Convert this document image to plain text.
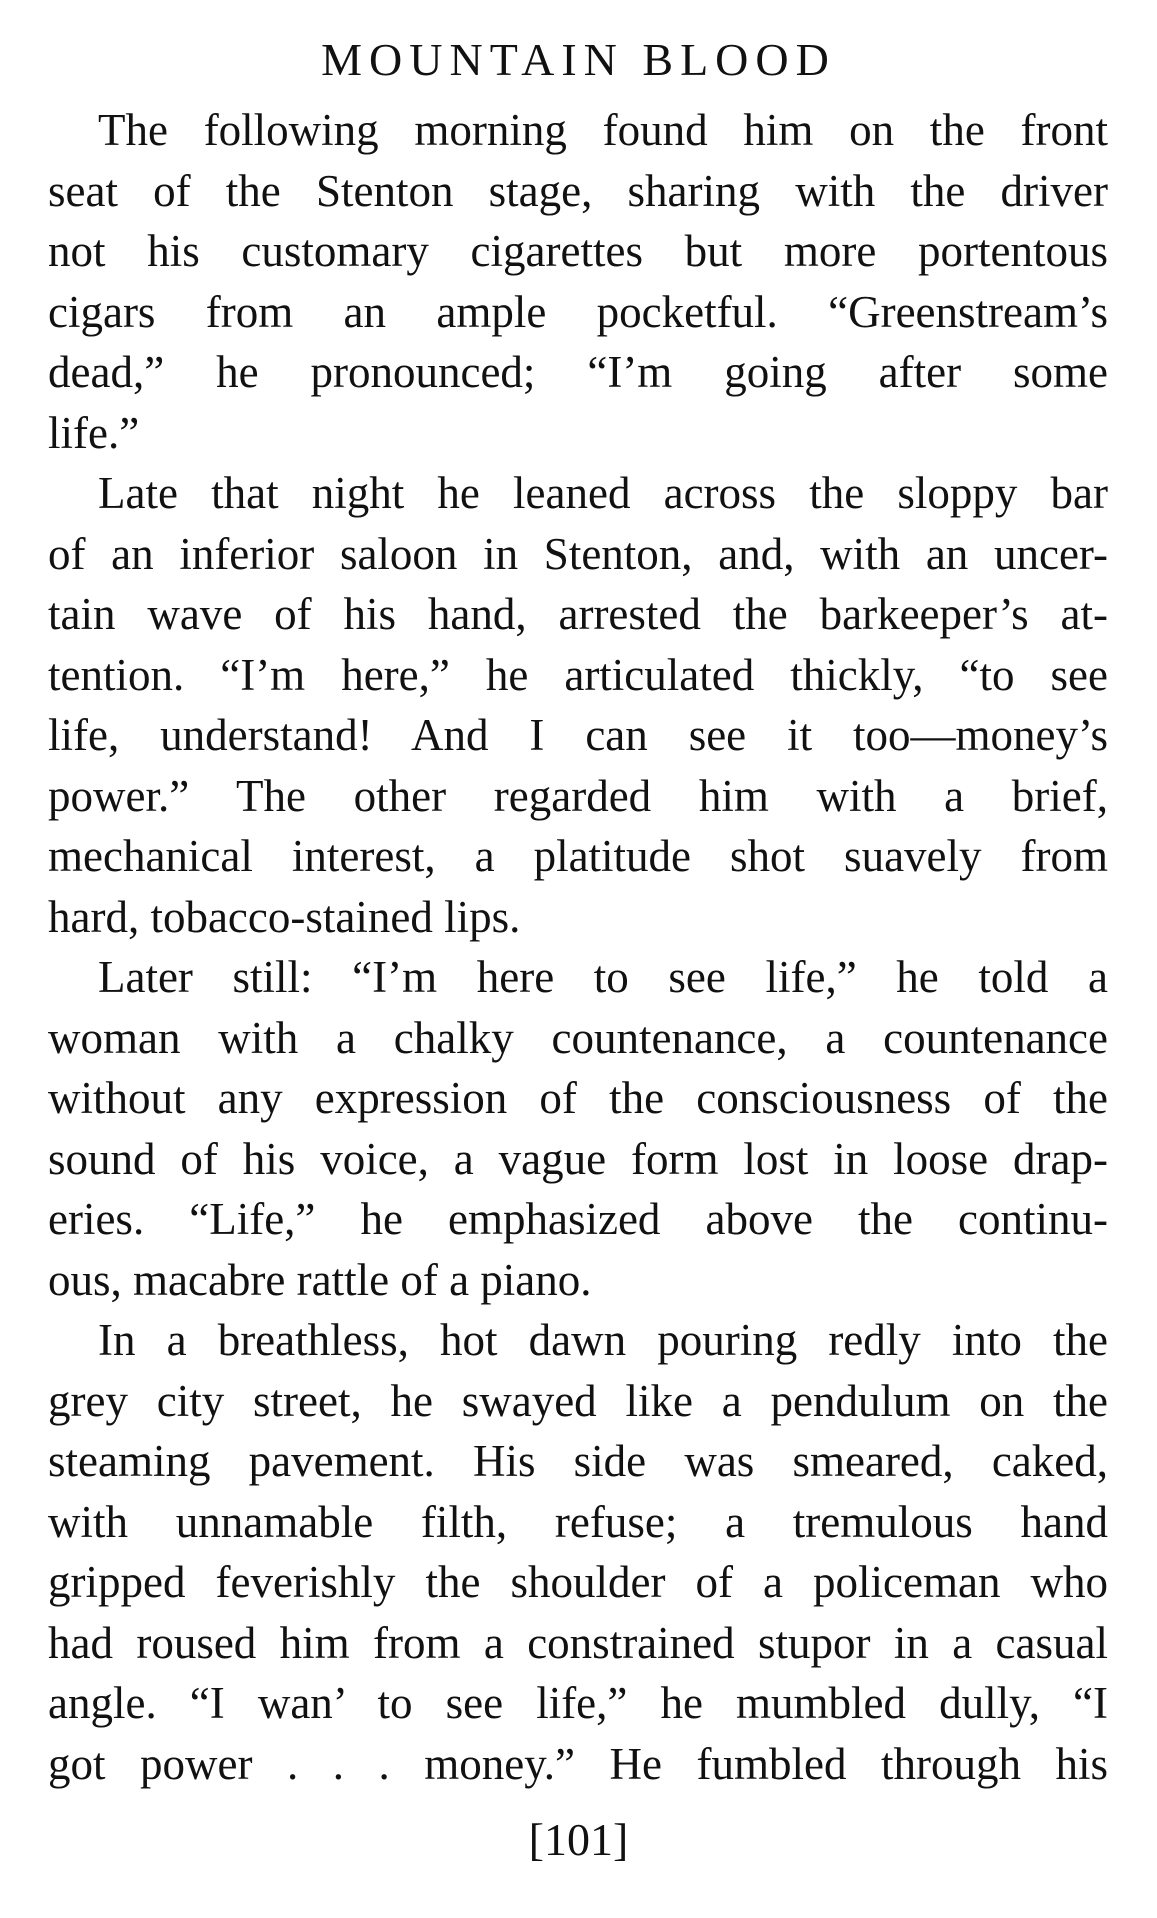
MOUNTAIN BLOOD

The following morning found him on the front
seat of the Stenton stage, sharing with the driver
not his customary cigarettes but more portentous
cigars from an ample pocketful. “Greenstream’s
dead,” he pronounced; “I’m going after some
life.”

Late that night he leaned across the sloppy bar
of an inferior saloon in Stenton, and, with an uncer-
tain wave of his hand, arrested the barkeeper’s at-
tention. “I’m here,” he articulated thickly, “to see
life, understand! And I can see it too—money’s
power.” The other regarded him with a brief,
mechanical interest, a platitude shot suavely from
hard, tobacco-stained lips.

Later still: “I’m here to see life,” he told a
woman with a chalky countenance, a countenance
without any expression of the consciousness of the
sound of his voice, a vague form lost in loose drap-
eries. “Life,” he emphasized above the continu-
ous, macabre rattle of a piano.

In a breathless, hot dawn pouring redly into the
grey city street, he swayed like a pendulum on the
steaming pavement. His side was smeared, caked,
with unnamable filth, refuse; a tremulous hand
gripped feverishly the shoulder of a policeman who
had roused him from a constrained stupor in a casual
angle. “I wan’ to see life,” he mumbled dully, “I
got power . . . money.” He fumbled through his

[101]
